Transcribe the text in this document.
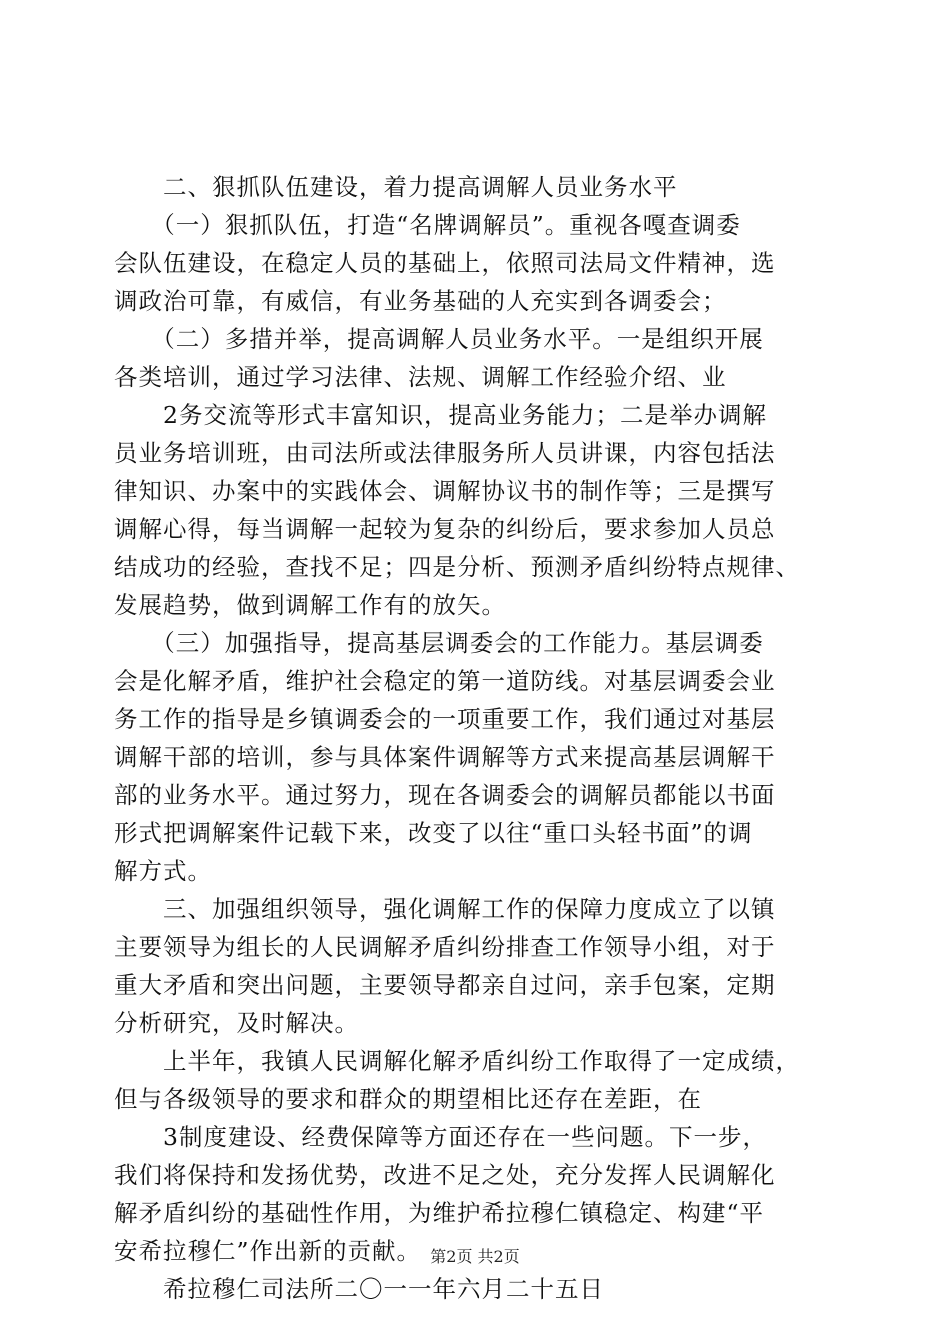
　　二、狠抓队伍建设，着力提高调解人员业务水平
　　（一）狠抓队伍，打造“名牌调解员”。重视各嘎查调委
会队伍建设，在稳定人员的基础上，依照司法局文件精神，选
调政治可靠，有威信，有业务基础的人充实到各调委会；
　　（二）多措并举，提高调解人员业务水平。一是组织开展
各类培训，通过学习法律、法规、调解工作经验介绍、业
　　2务交流等形式丰富知识，提高业务能力；二是举办调解
员业务培训班，由司法所或法律服务所人员讲课，内容包括法
律知识、办案中的实践体会、调解协议书的制作等；三是撰写
调解心得，每当调解一起较为复杂的纠纷后，要求参加人员总
结成功的经验，查找不足；四是分析、预测矛盾纠纷特点规律、
发展趋势，做到调解工作有的放矢。
　　（三）加强指导，提高基层调委会的工作能力。基层调委
会是化解矛盾，维护社会稳定的第一道防线。对基层调委会业
务工作的指导是乡镇调委会的一项重要工作，我们通过对基层
调解干部的培训，参与具体案件调解等方式来提高基层调解干
部的业务水平。通过努力，现在各调委会的调解员都能以书面
形式把调解案件记载下来，改变了以往“重口头轻书面”的调
解方式。
　　三、加强组织领导，强化调解工作的保障力度成立了以镇
主要领导为组长的人民调解矛盾纠纷排查工作领导小组，对于
重大矛盾和突出问题，主要领导都亲自过问，亲手包案，定期
分析研究，及时解决。
　　上半年，我镇人民调解化解矛盾纠纷工作取得了一定成绩，
但与各级领导的要求和群众的期望相比还存在差距，在
　　3制度建设、经费保障等方面还存在一些问题。下一步，
我们将保持和发扬优势，改进不足之处，充分发挥人民调解化
解矛盾纠纷的基础性作用，为维护希拉穆仁镇稳定、构建“平
安希拉穆仁”作出新的贡献。
　　希拉穆仁司法所二〇一一年六月二十五日
第2页 共2页
